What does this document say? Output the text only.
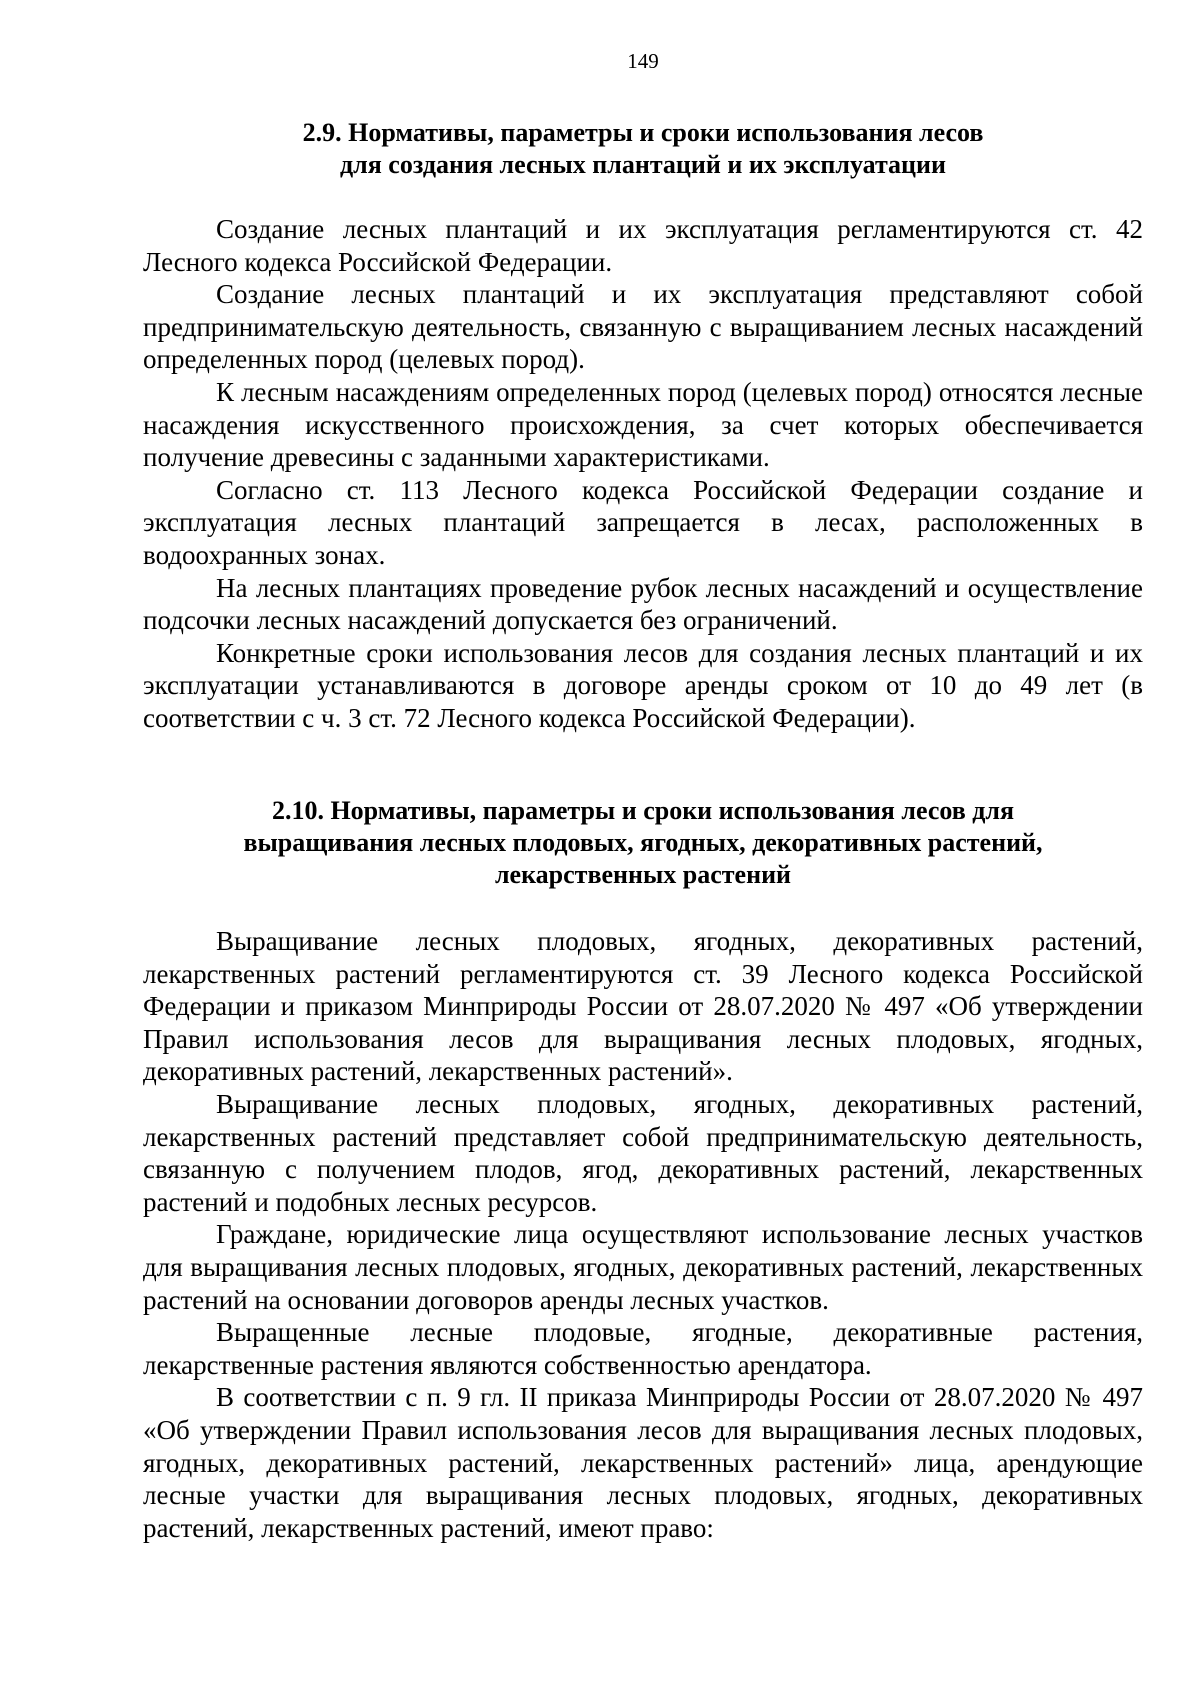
149
2.9. Нормативы, параметры и сроки использования лесов
для создания лесных плантаций и их эксплуатации

Создание лесных плантаций и их эксплуатация регламентируются ст. 42 Лесного кодекса Российской Федерации.

Создание лесных плантаций и их эксплуатация представляют собой предпринимательскую деятельность, связанную с выращиванием лесных насаждений определенных пород (целевых пород).

К лесным насаждениям определенных пород (целевых пород) относятся лесные насаждения искусственного происхождения, за счет которых обеспечивается получение древесины с заданными характеристиками.

Согласно ст. 113 Лесного кодекса Российской Федерации создание и эксплуатация лесных плантаций запрещается в лесах, расположенных в водоохранных зонах.

На лесных плантациях проведение рубок лесных насаждений и осуществление подсочки лесных насаждений допускается без ограничений.

Конкретные сроки использования лесов для создания лесных плантаций и их эксплуатации устанавливаются в договоре аренды сроком от 10 до 49 лет (в соответствии с ч. 3 ст. 72 Лесного кодекса Российской Федерации).

2.10. Нормативы, параметры и сроки использования лесов для
выращивания лесных плодовых, ягодных, декоративных растений,
лекарственных растений

Выращивание лесных плодовых, ягодных, декоративных растений, лекарственных растений регламентируются ст. 39 Лесного кодекса Российской Федерации и приказом Минприроды России от 28.07.2020 № 497 «Об утверждении Правил использования лесов для выращивания лесных плодовых, ягодных, декоративных растений, лекарственных растений».

Выращивание лесных плодовых, ягодных, декоративных растений, лекарственных растений представляет собой предпринимательскую деятельность, связанную с получением плодов, ягод, декоративных растений, лекарственных растений и подобных лесных ресурсов.

Граждане, юридические лица осуществляют использование лесных участков для выращивания лесных плодовых, ягодных, декоративных растений, лекарственных растений на основании договоров аренды лесных участков.

Выращенные лесные плодовые, ягодные, декоративные растения, лекарственные растения являются собственностью арендатора.

В соответствии с п. 9 гл. II приказа Минприроды России от 28.07.2020 № 497 «Об утверждении Правил использования лесов для выращивания лесных плодовых, ягодных, декоративных растений, лекарственных растений» лица, арендующие лесные участки для выращивания лесных плодовых, ягодных, декоративных растений, лекарственных растений, имеют право:
